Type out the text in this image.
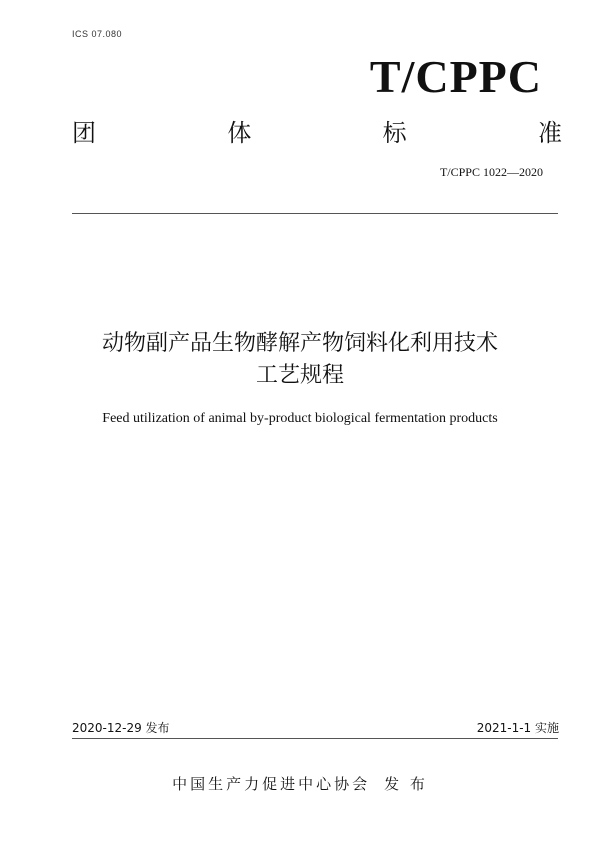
ICS 07.080
T/CPPC
团	体	标	准
T/CPPC 1022—2020
动物副产品生物酵解产物饲料化利用技术
工艺规程
Feed utilization of animal by-product biological fermentation products
2020-12-29 发布	2021-1-1 实施
中国生产力促进中心协会 发 布
